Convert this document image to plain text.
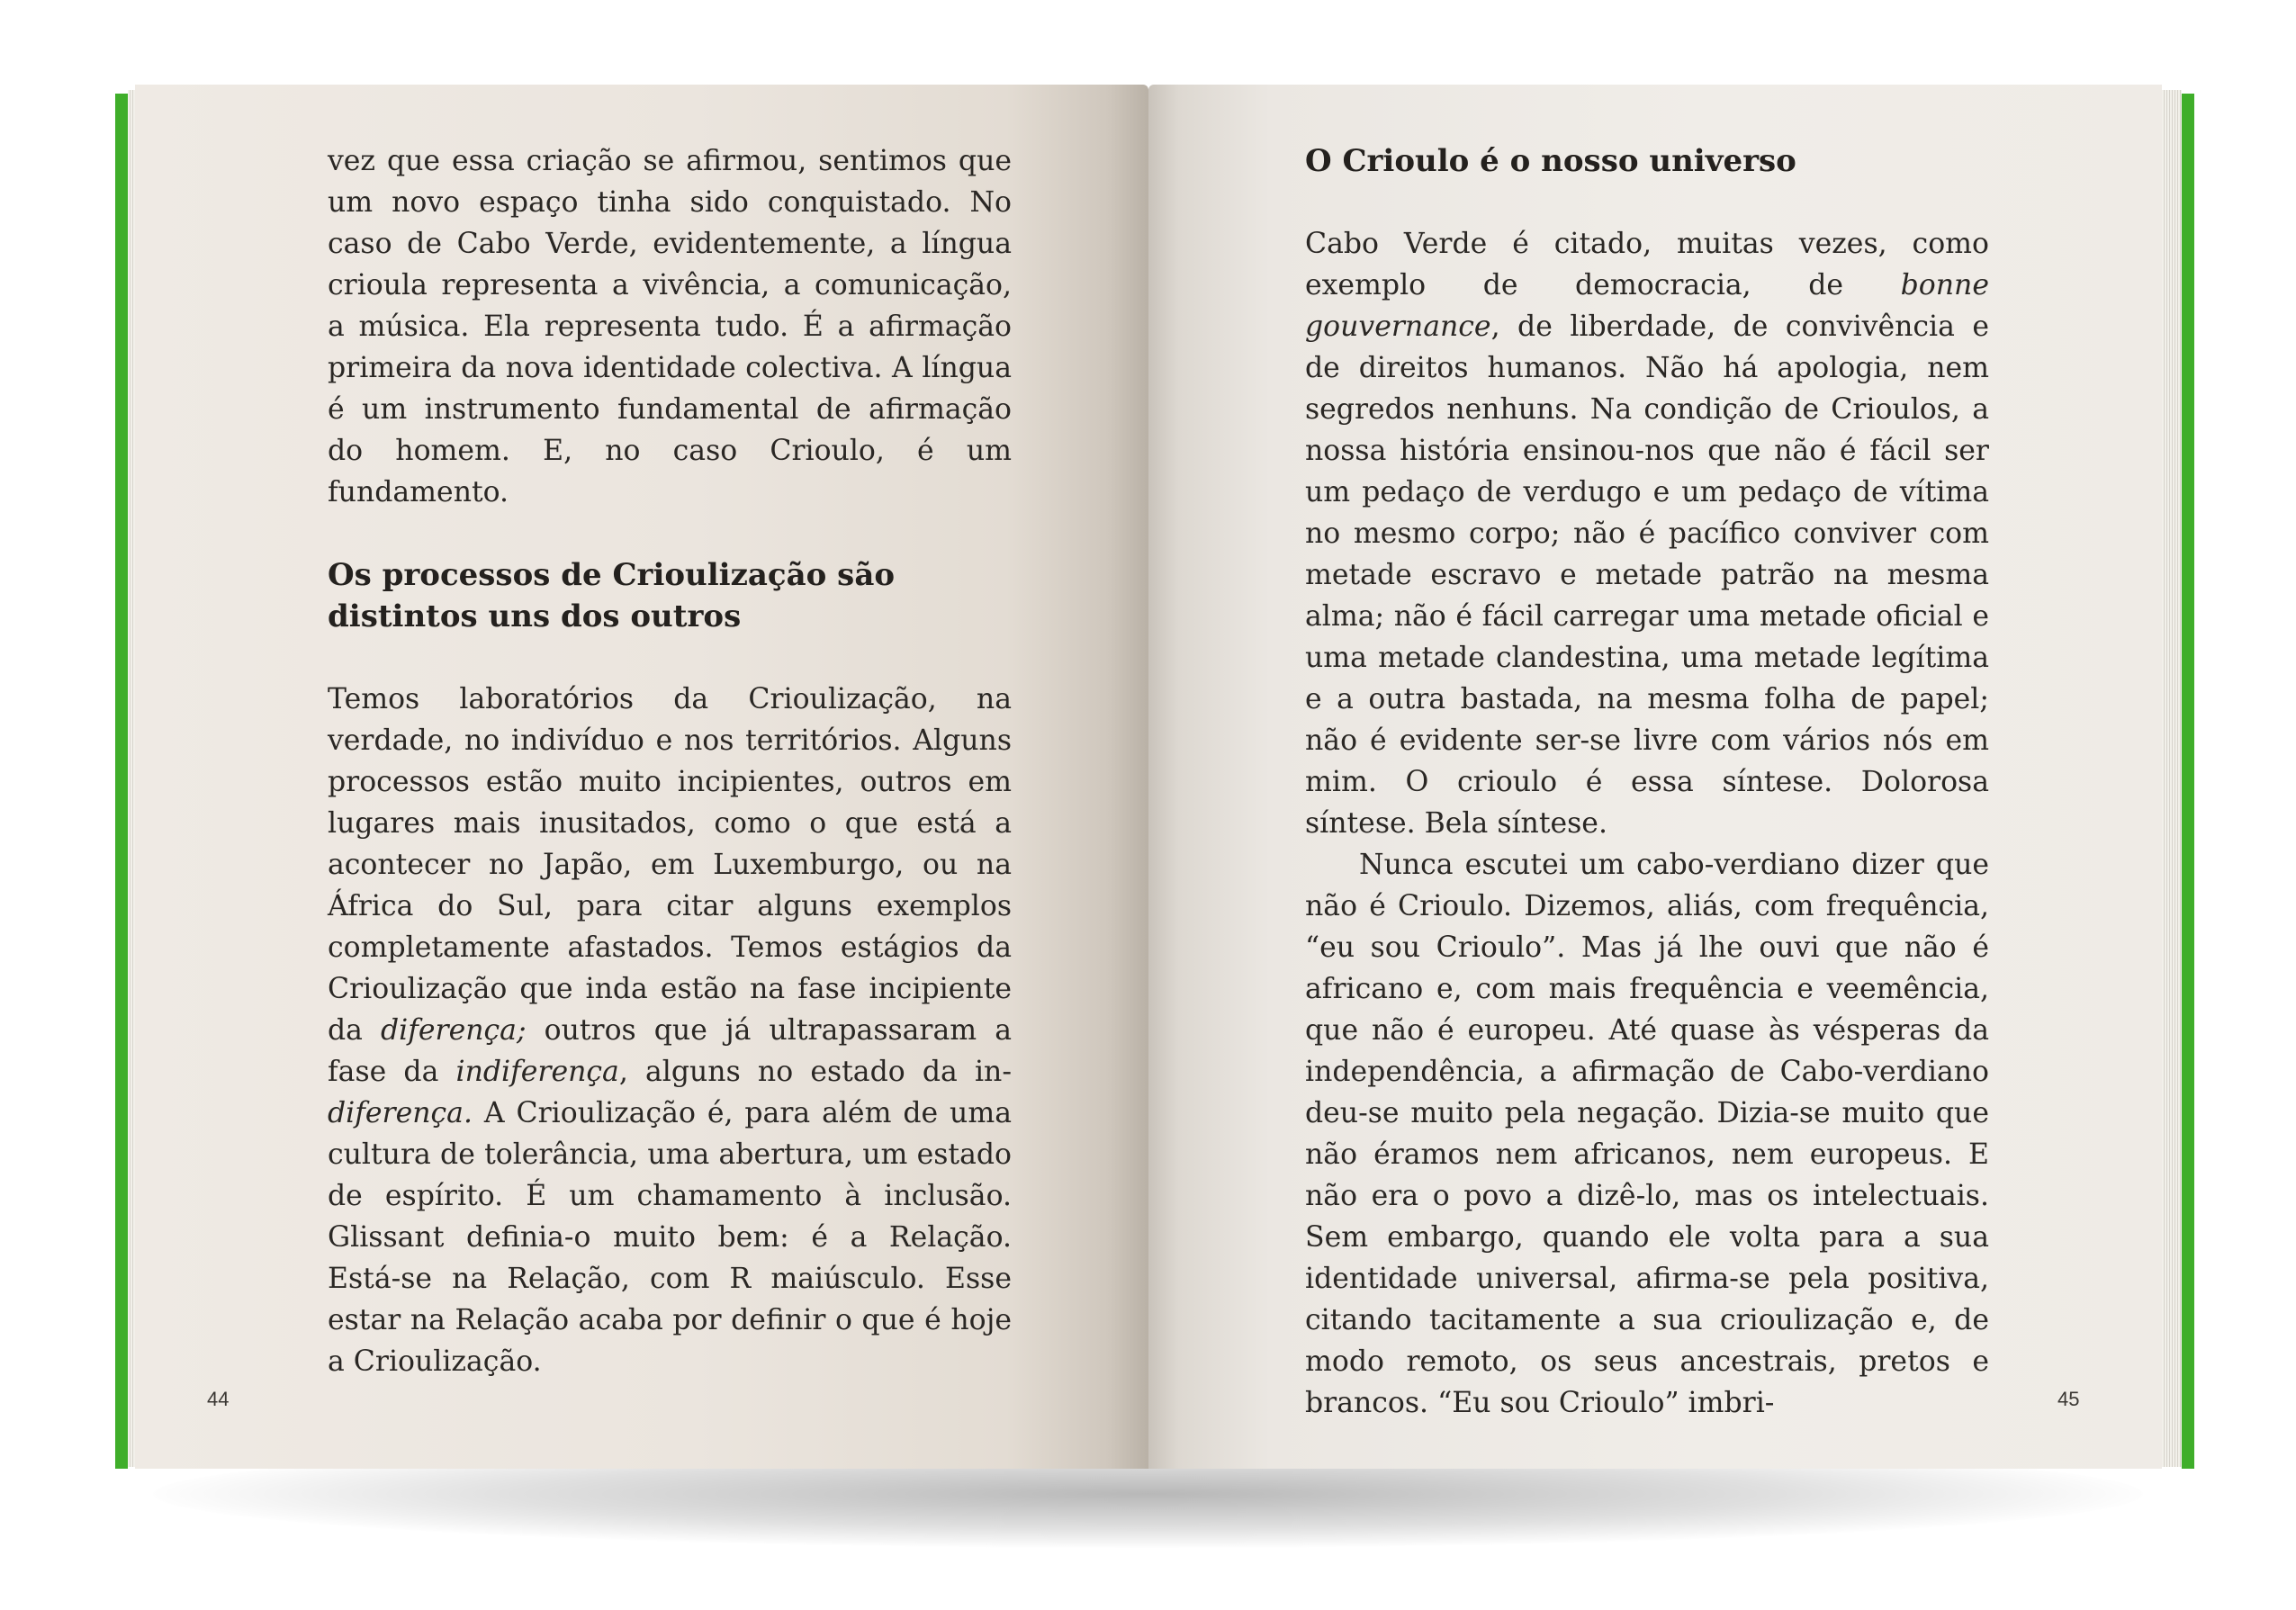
vez que essa criação se afirmou, sentimos que um novo espaço tinha sido conquistado. No caso de Cabo Verde, evidentemente, a língua crioula representa a vivência, a comunicação, a música. Ela representa tudo. É a afirmação primeira da nova identidade colectiva. A língua é um instrumento fundamental de afirmação do homem. E, no caso Crioulo, é um fundamento.

Os processos de Crioulização são distintos uns dos outros

Temos laboratórios da Crioulização, na verdade, no indivíduo e nos territórios. Alguns processos estão muito incipientes, outros em lugares mais inusitados, como o que está a acontecer no Japão, em Luxemburgo, ou na África do Sul, para citar alguns exemplos completamente afastados. Temos estágios da Crioulização que inda estão na fase incipiente da diferença; outros que já ultrapassaram a fase da indiferença, alguns no estado da in-diferença. A Crioulização é, para além de uma cultura de tolerância, uma abertura, um estado de espírito. É um chamamento à inclusão. Glissant definia-o muito bem: é a Relação. Está-se na Relação, com R maiúsculo. Esse estar na Relação acaba por definir o que é hoje a Crioulização.

44
O Crioulo é o nosso universo

Cabo Verde é citado, muitas vezes, como exemplo de democracia, de bonne gouvernance, de liberdade, de convivência e de direitos humanos. Não há apologia, nem segredos nenhuns. Na condição de Crioulos, a nossa história ensinou-nos que não é fácil ser um pedaço de verdugo e um pedaço de vítima no mesmo corpo; não é pacífico conviver com metade escravo e metade patrão na mesma alma; não é fácil carregar uma metade oficial e uma metade clandestina, uma metade legítima e a outra bastada, na mesma folha de papel; não é evidente ser-se livre com vários nós em mim. O crioulo é essa síntese. Dolorosa síntese. Bela síntese.

Nunca escutei um cabo-verdiano dizer que não é Crioulo. Dizemos, aliás, com frequência, “eu sou Crioulo”. Mas já lhe ouvi que não é africano e, com mais frequência e veemência, que não é europeu. Até quase às vésperas da independência, a afirmação de Cabo-verdiano deu-se muito pela negação. Dizia-se muito que não éramos nem africanos, nem europeus. E não era o povo a dizê-lo, mas os intelectuais. Sem embargo, quando ele volta para a sua identidade universal, afirma-se pela positiva, citando tacitamente a sua crioulização e, de modo remoto, os seus ancestrais, pretos e brancos. “Eu sou Crioulo” imbri-	45
